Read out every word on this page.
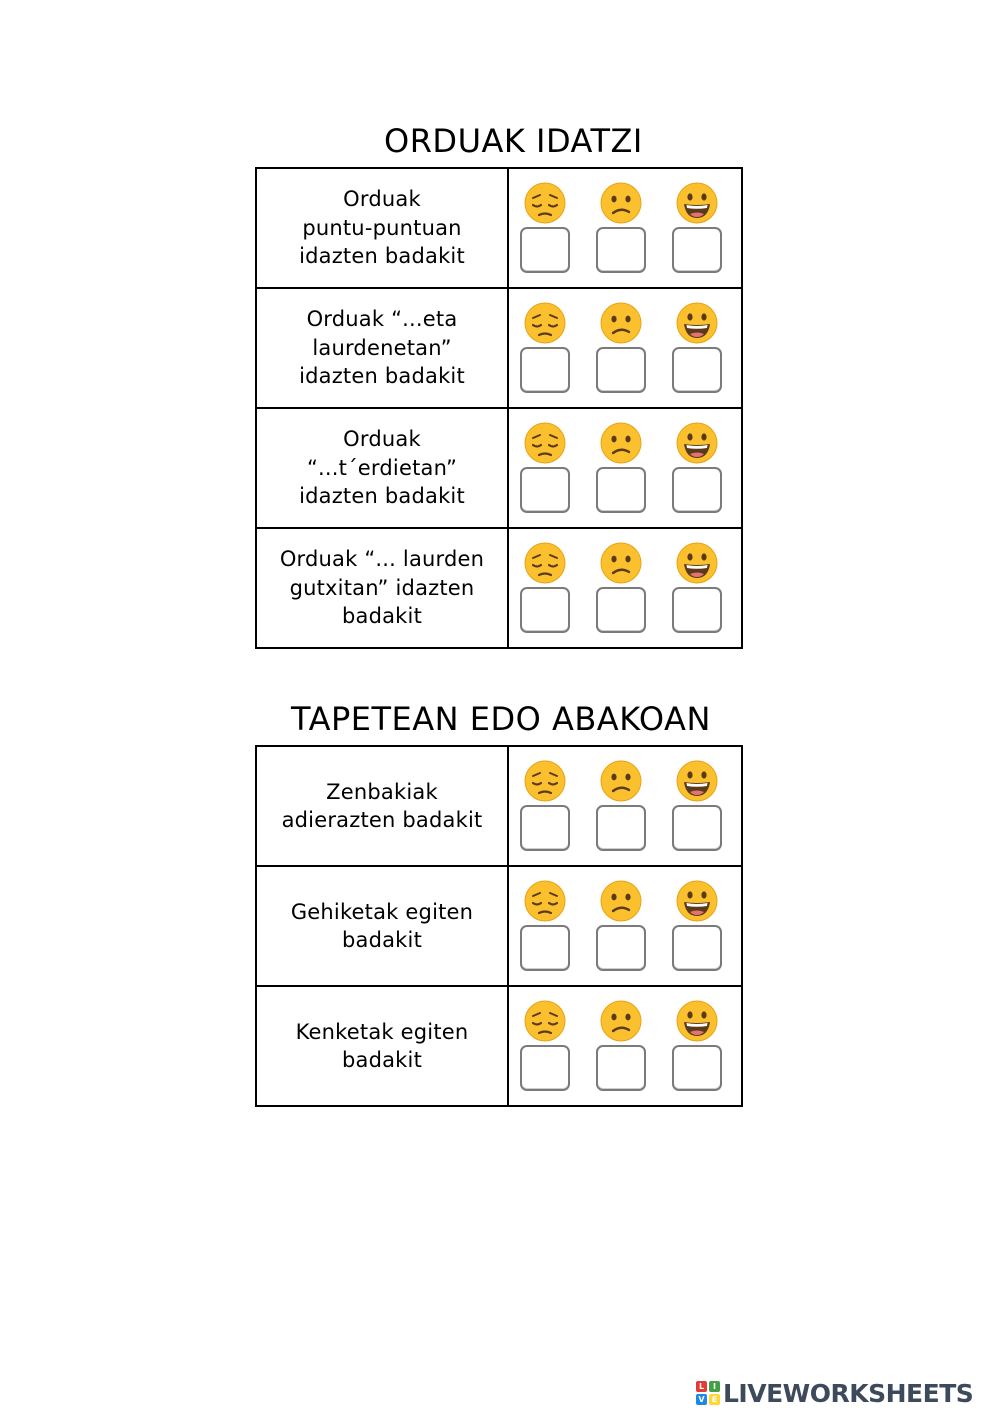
ORDUAK IDATZI
Orduak
puntu-puntuan
idazten badakit

Orduak “...eta
laurdenetan”
idazten badakit

Orduak
“...t´erdietan”
idazten badakit

Orduak “... laurden
gutxitan” idazten
badakit

TAPETEAN EDO ABAKOAN
Zenbakiak
adierazten badakit

Gehiketak egiten
badakit

Kenketak egiten
badakit

L	I
V E LIVEWORKSHEETS
